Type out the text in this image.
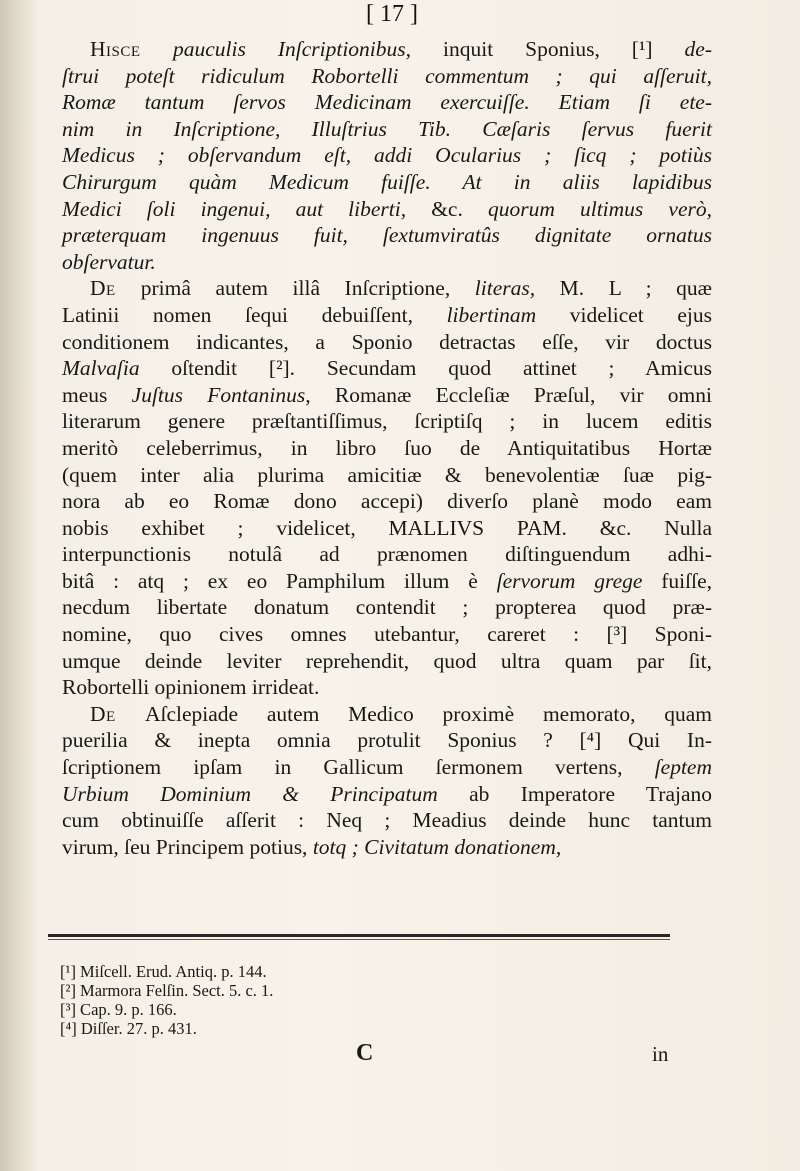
[ 17 ]
Hisce pauculis Inſcriptionibus, inquit Sponius, [¹] de-
ſtrui poteſt ridiculum Robortelli commentum ; qui aſſeruit,
Romæ tantum ſervos Medicinam exercuiſſe. Etiam ſi ete-
nim in Inſcriptione, Illuſtrius Tib. Cæſaris ſervus fuerit
Medicus ; obſervandum eſt, addi Ocularius ; ſicq ; potiùs
Chirurgum quàm Medicum fuiſſe. At in aliis lapidibus
Medici ſoli ingenui, aut liberti, &c. quorum ultimus verò,
præterquam ingenuus fuit, ſextumviratûs dignitate ornatus
obſervatur.
De primâ autem illâ Inſcriptione, literas, M. L ; quæ
Latinii nomen ſequi debuiſſent, libertinam videlicet ejus
conditionem indicantes, a Sponio detractas eſſe, vir doctus
Malvaſia oſtendit [²]. Secundam quod attinet ; Amicus
meus Juſtus Fontaninus, Romanæ Eccleſiæ Præſul, vir omni
literarum genere præſtantiſſimus, ſcriptiſq ; in lucem editis
meritò celeberrimus, in libro ſuo de Antiquitatibus Hortæ
(quem inter alia plurima amicitiæ & benevolentiæ ſuæ pig-
nora ab eo Romæ dono accepi) diverſo planè modo eam
nobis exhibet ; videlicet, MALLIVS PAM. &c. Nulla
interpunctionis notulâ ad prænomen diſtinguendum adhi-
bitâ : atq ; ex eo Pamphilum illum è ſervorum grege fuiſſe,
necdum libertate donatum contendit ; propterea quod præ-
nomine, quo cives omnes utebantur, careret : [³] Sponi-
umque deinde leviter reprehendit, quod ultra quam par ſit,
Robortelli opinionem irrideat.
De Aſclepiade autem Medico proximè memorato, quam
puerilia & inepta omnia protulit Sponius ? [⁴] Qui In-
ſcriptionem ipſam in Gallicum ſermonem vertens, ſeptem
Urbium Dominium & Principatum ab Imperatore Trajano
cum obtinuiſſe aſſerit : Neq ; Meadius deinde hunc tantum
virum, ſeu Principem potius, totq ; Civitatum donationem,
[¹] Miſcell. Erud. Antiq. p. 144.
[²] Marmora Felſin. Sect. 5. c. 1.
[³] Cap. 9. p. 166.
[⁴] Diſſer. 27. p. 431.
C	in
